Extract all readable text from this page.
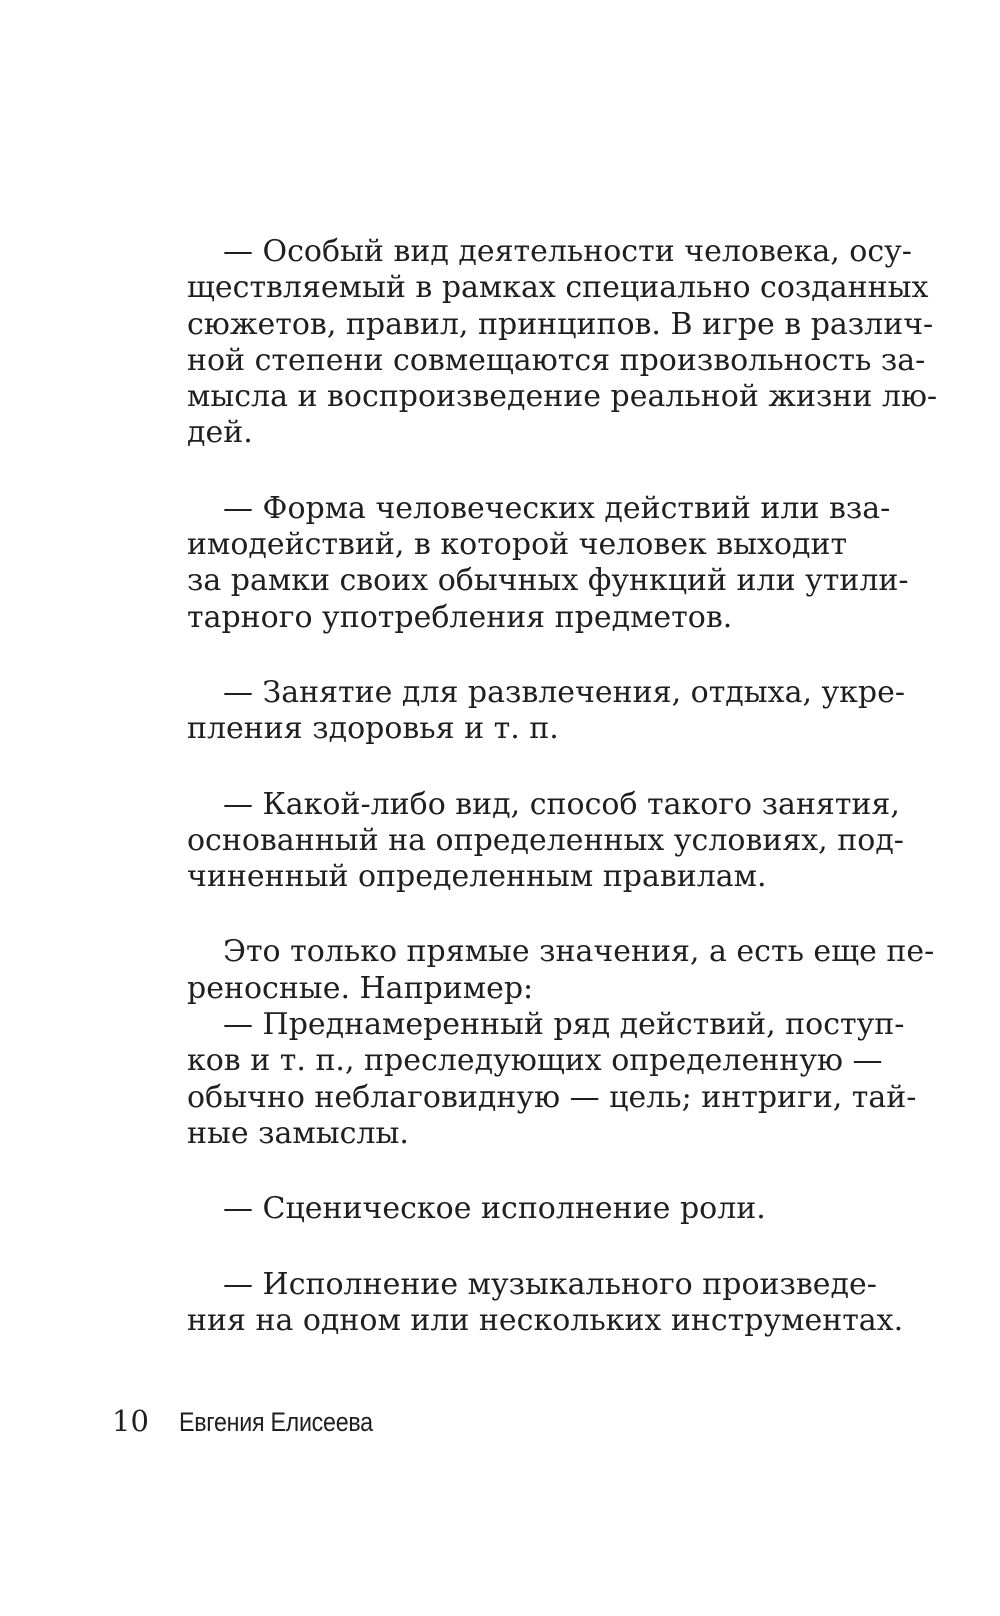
— Особый вид деятельности человека, осу-
ществляемый в рамках специально созданных
сюжетов, правил, принципов. В игре в различ-
ной степени совмещаются произвольность за-
мысла и воспроизведение реальной жизни лю-
дей.
— Форма человеческих действий или вза-
имодействий, в которой человек выходит
за рамки своих обычных функций или утили-
тарного употребления предметов.
— Занятие для развлечения, отдыха, укре-
пления здоровья и т. п.
— Какой-либо вид, способ такого занятия,
основанный на определенных условиях, под-
чиненный определенным правилам.
Это только прямые значения, а есть еще пе-
реносные. Например:
— Преднамеренный ряд действий, поступ-
ков и т. п., преследующих определенную —
обычно неблаговидную — цель; интриги, тай-
ные замыслы.
— Сценическое исполнение роли.
— Исполнение музыкального произведе-
ния на одном или нескольких инструментах.
10 Евгения Елисеева
